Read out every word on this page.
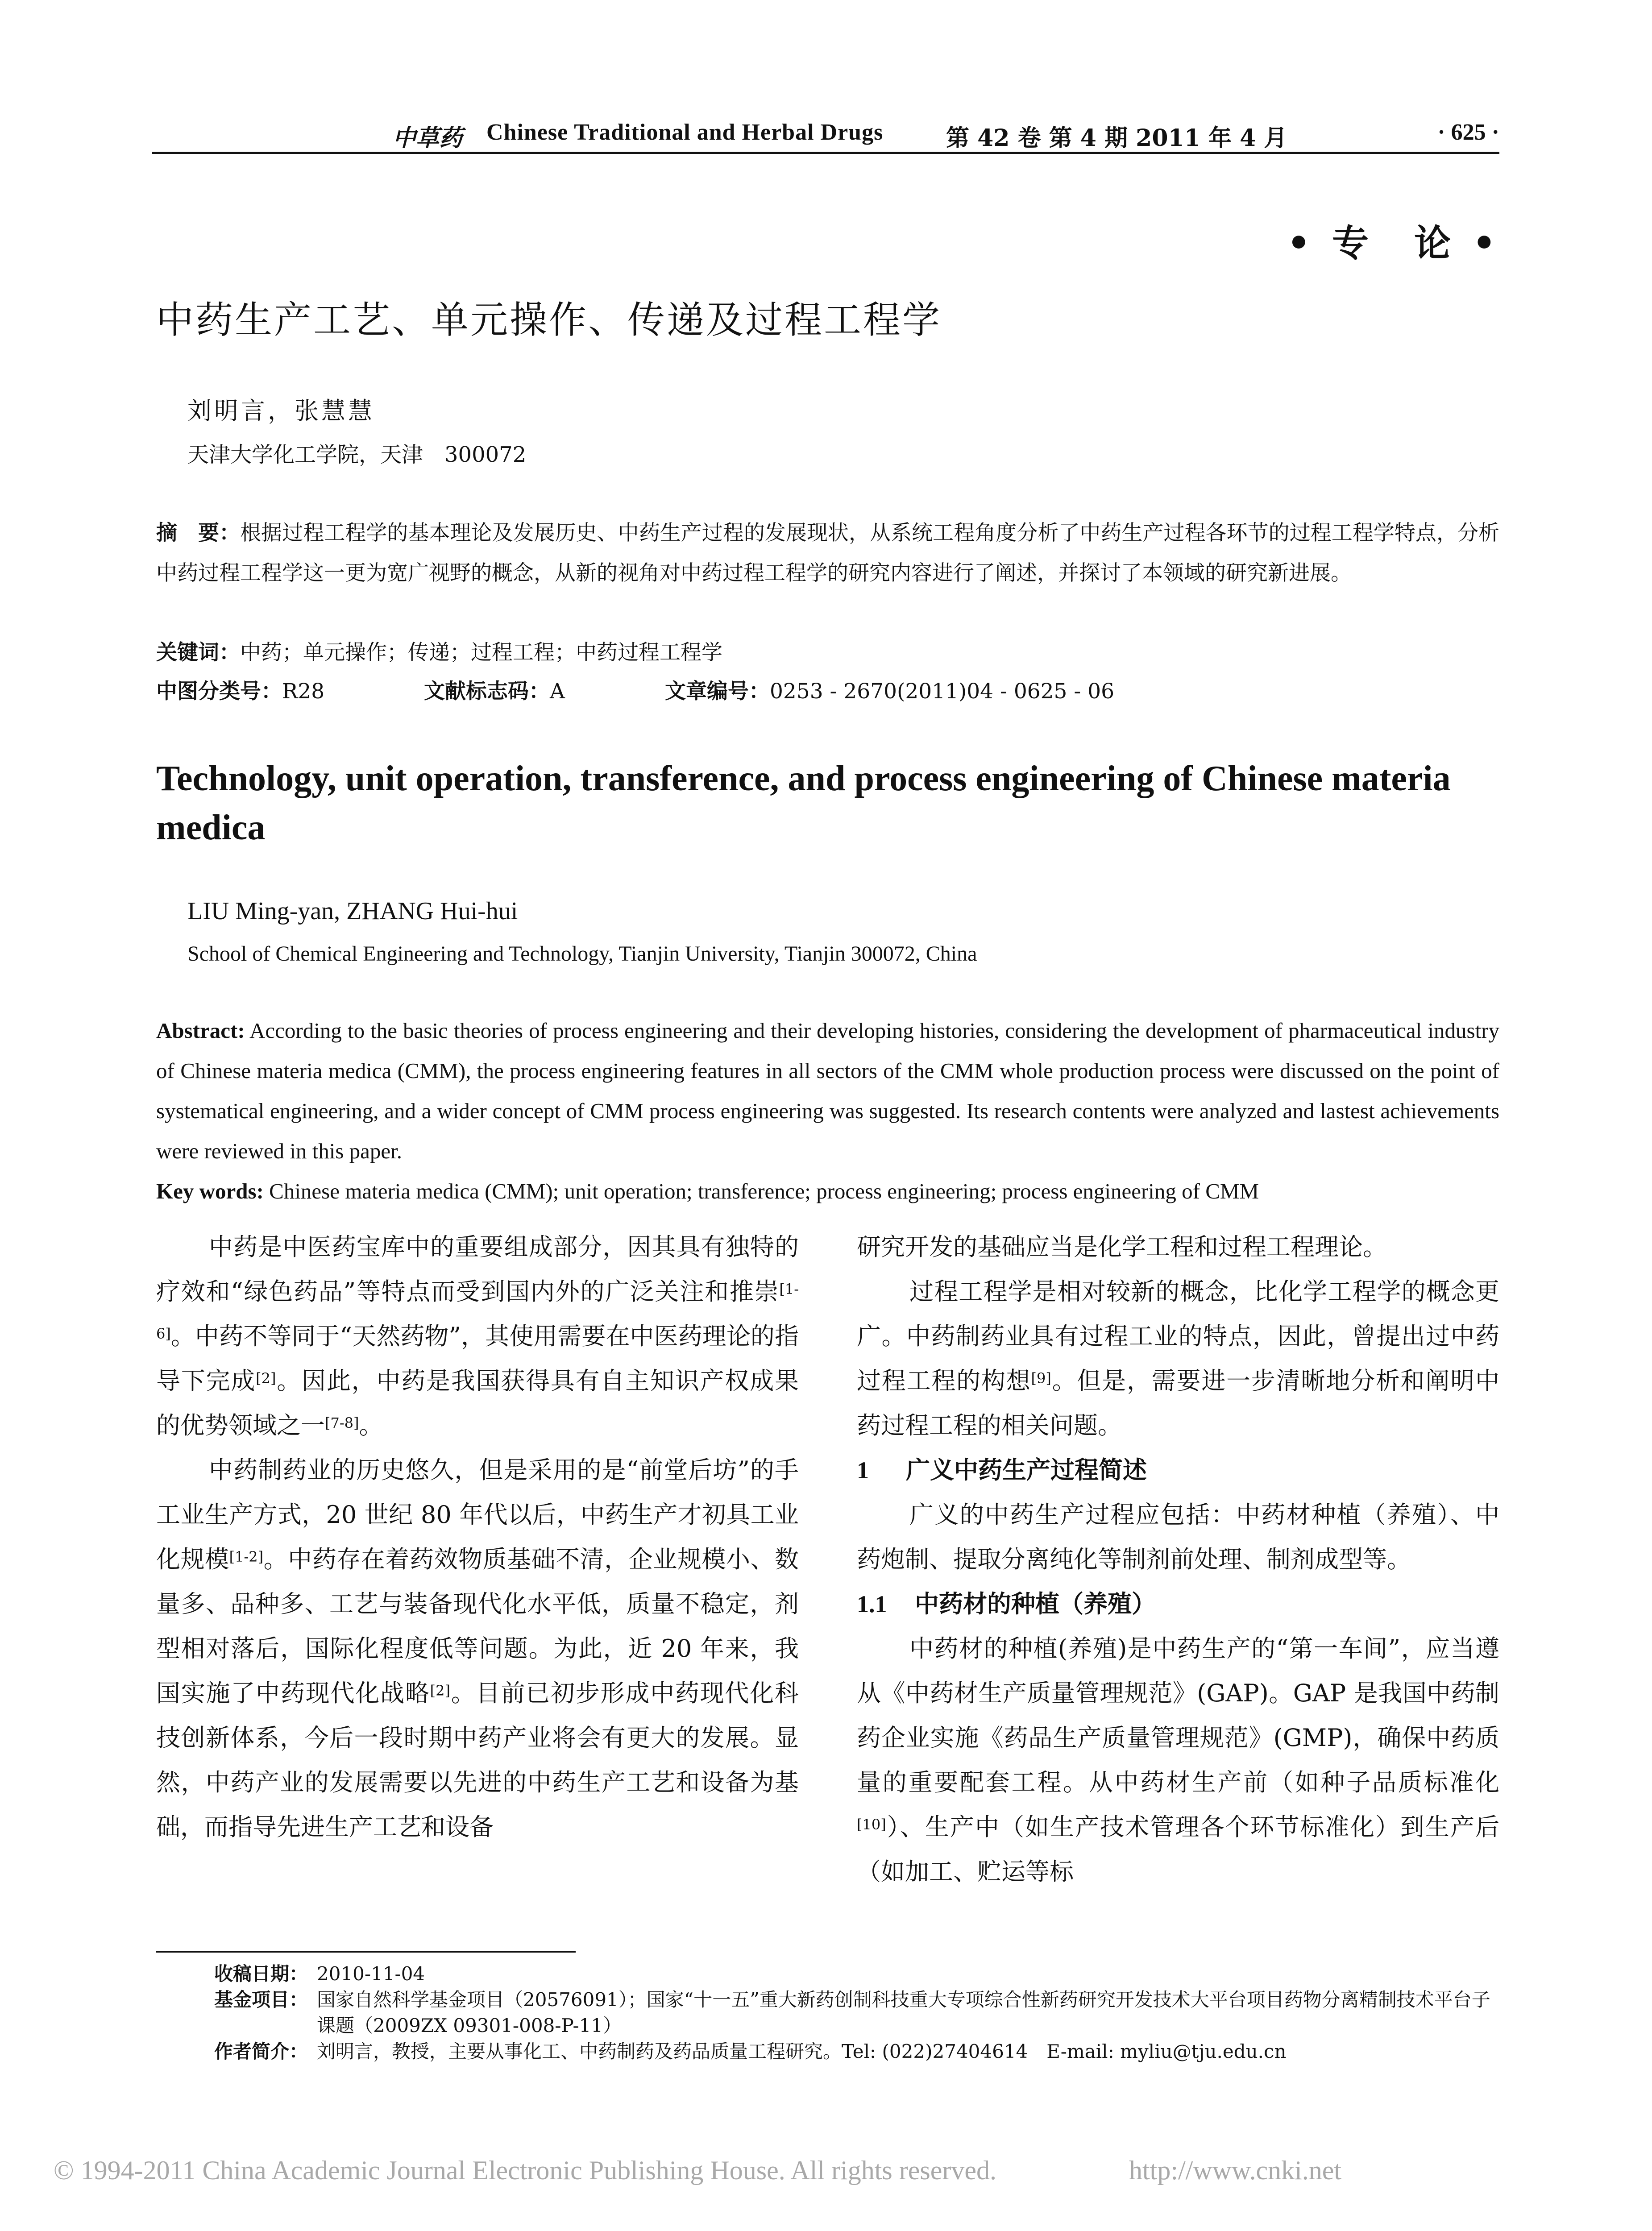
中草药 Chinese Traditional and Herbal Drugs	第 42 卷 第 4 期 2011 年 4 月	· 625 ·
• 专　论 •
中药生产工艺、单元操作、传递及过程工程学
刘明言，张慧慧
天津大学化工学院，天津　300072
摘　要：根据过程工程学的基本理论及发展历史、中药生产过程的发展现状，从系统工程角度分析了中药生产过程各环节的过程工程学特点，分析中药过程工程学这一更为宽广视野的概念，从新的视角对中药过程工程学的研究内容进行了阐述，并探讨了本领域的研究新进展。
关键词：中药；单元操作；传递；过程工程；中药过程工程学
中图分类号：R28	文献标志码：A	文章编号：0253 - 2670(2011)04 - 0625 - 06
Technology, unit operation, transference, and process engineering of Chinese materia medica
LIU Ming-yan, ZHANG Hui-hui
School of Chemical Engineering and Technology, Tianjin University, Tianjin 300072, China
Abstract: According to the basic theories of process engineering and their developing histories, considering the development of pharmaceutical industry of Chinese materia medica (CMM), the process engineering features in all sectors of the CMM whole production process were discussed on the point of systematical engineering, and a wider concept of CMM process engineering was suggested. Its research contents were analyzed and lastest achievements were reviewed in this paper.
Key words: Chinese materia medica (CMM); unit operation; transference; process engineering; process engineering of CMM

中药是中医药宝库中的重要组成部分，因其具有独特的疗效和“绿色药品”等特点而受到国内外的广泛关注和推崇[1-6]。中药不等同于“天然药物”，其使用需要在中医药理论的指导下完成[2]。因此，中药是我国获得具有自主知识产权成果的优势领域之一[7-8]。

中药制药业的历史悠久，但是采用的是“前堂后坊”的手工业生产方式，20 世纪 80 年代以后，中药生产才初具工业化规模[1-2]。中药存在着药效物质基础不清，企业规模小、数量多、品种多、工艺与装备现代化水平低，质量不稳定，剂型相对落后，国际化程度低等问题。为此，近 20 年来，我国实施了中药现代化战略[2]。目前已初步形成中药现代化科技创新体系，今后一段时期中药产业将会有更大的发展。显然，中药产业的发展需要以先进的中药生产工艺和设备为基础，而指导先进生产工艺和设备

研究开发的基础应当是化学工程和过程工程理论。

过程工程学是相对较新的概念，比化学工程学的概念更广。中药制药业具有过程工业的特点，因此，曾提出过中药过程工程的构想[9]。但是，需要进一步清晰地分析和阐明中药过程工程的相关问题。

1 广义中药生产过程简述

广义的中药生产过程应包括：中药材种植（养殖）、中药炮制、提取分离纯化等制剂前处理、制剂成型等。

1.1 中药材的种植（养殖）

中药材的种植(养殖)是中药生产的“第一车间”，应当遵从《中药材生产质量管理规范》(GAP)。GAP 是我国中药制药企业实施《药品生产质量管理规范》(GMP)，确保中药质量的重要配套工程。从中药材生产前（如种子品质标准化[10]）、生产中（如生产技术管理各个环节标准化）到生产后（如加工、贮运等标

收稿日期： 2010-11-04
基金项目： 国家自然科学基金项目（20576091）；国家“十一五”重大新药创制科技重大专项综合性新药研究开发技术大平台项目药物分离精制技术平台子课题（2009ZX 09301-008-P-11）
作者简介： 刘明言，教授，主要从事化工、中药制药及药品质量工程研究。Tel: (022)27404614　E-mail: myliu@tju.edu.cn
© 1994-2011 China Academic Journal Electronic Publishing House. All rights reserved.	http://www.cnki.net
